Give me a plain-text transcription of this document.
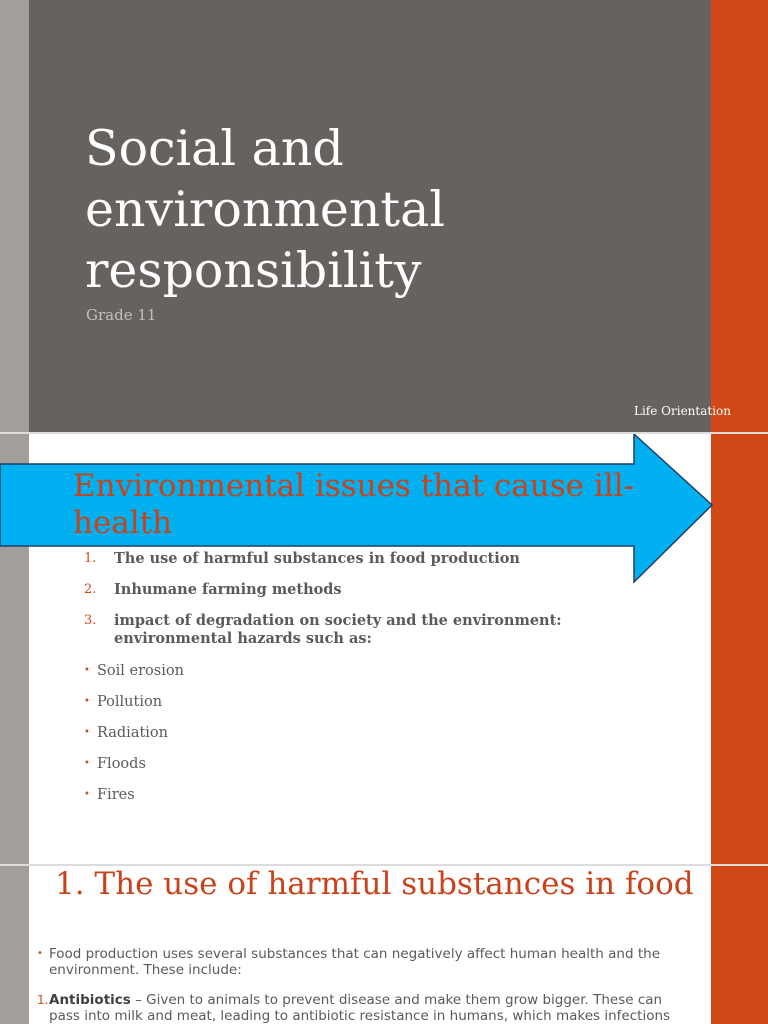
Social and environmental responsibility
Grade 11
Life Orientation
Environmental issues that cause ill-health
1. The use of harmful substances in food production
2. Inhumane farming methods
3. impact of degradation on society and the environment: environmental hazards such as:
• Soil erosion
• Pollution
• Radiation
• Floods
• Fires
1. The use of harmful substances in food
• Food production uses several substances that can negatively affect human health and the environment. These include:
1. Antibiotics – Given to animals to prevent disease and make them grow bigger. These can pass into milk and meat, leading to antibiotic resistance in humans, which makes infections
